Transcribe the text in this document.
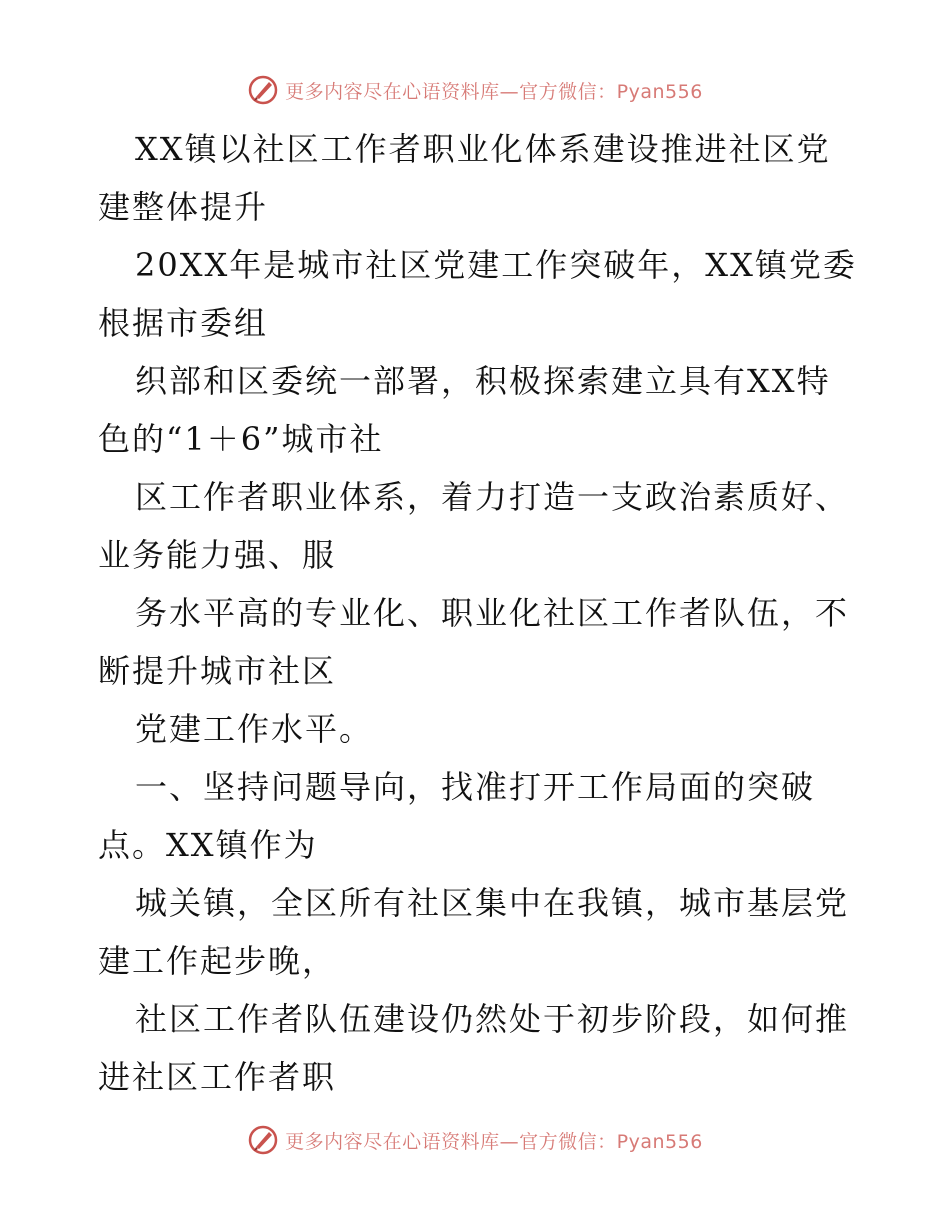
更多内容尽在心语资料库—官方微信：Pyan556
XX镇以社区工作者职业化体系建设推进社区党
建整体提升
20XX年是城市社区党建工作突破年，XX镇党委
根据市委组
织部和区委统一部署，积极探索建立具有XX特
色的“1＋6”城市社
区工作者职业体系，着力打造一支政治素质好、
业务能力强、服
务水平高的专业化、职业化社区工作者队伍，不
断提升城市社区
党建工作水平。
一、坚持问题导向，找准打开工作局面的突破
点。XX镇作为
城关镇，全区所有社区集中在我镇，城市基层党
建工作起步晚，
社区工作者队伍建设仍然处于初步阶段，如何推
进社区工作者职
更多内容尽在心语资料库—官方微信：Pyan556
